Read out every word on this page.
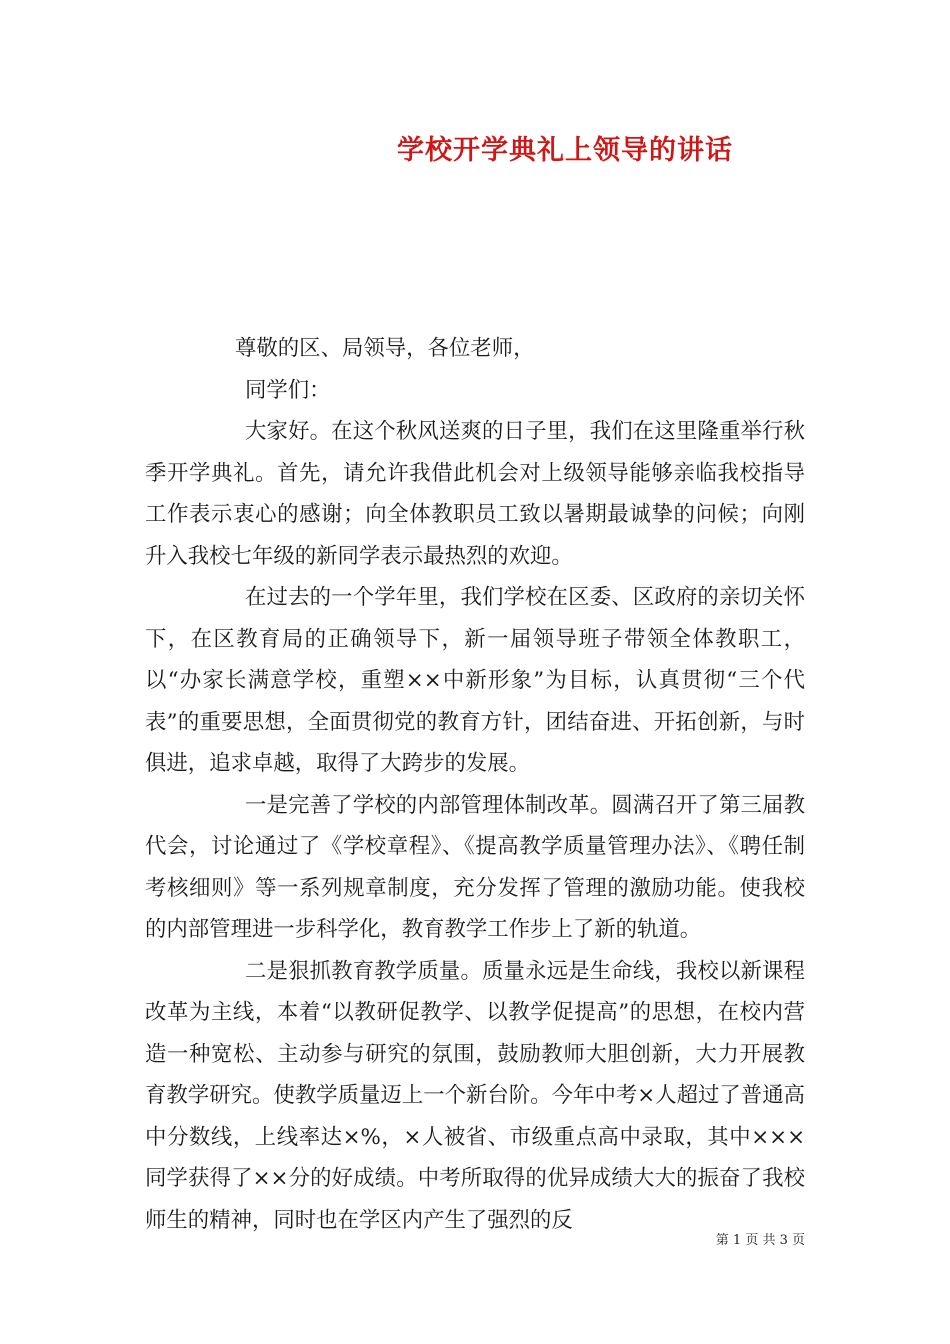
学校开学典礼上领导的讲话

尊敬的区、局领导，各位老师，

同学们：

大家好。在这个秋风送爽的日子里，我们在这里隆重举行秋季开学典礼。首先，请允许我借此机会对上级领导能够亲临我校指导工作表示衷心的感谢；向全体教职员工致以暑期最诚挚的问候；向刚升入我校七年级的新同学表示最热烈的欢迎。

在过去的一个学年里，我们学校在区委、区政府的亲切关怀下，在区教育局的正确领导下，新一届领导班子带领全体教职工，以“办家长满意学校，重塑××中新形象”为目标，认真贯彻“三个代表”的重要思想，全面贯彻党的教育方针，团结奋进、开拓创新，与时俱进，追求卓越，取得了大跨步的发展。

一是完善了学校的内部管理体制改革。圆满召开了第三届教代会，讨论通过了《学校章程》、《提高教学质量管理办法》、《聘任制考核细则》等一系列规章制度，充分发挥了管理的激励功能。使我校的内部管理进一步科学化，教育教学工作步上了新的轨道。

二是狠抓教育教学质量。质量永远是生命线，我校以新课程改革为主线，本着“以教研促教学、以教学促提高”的思想，在校内营造一种宽松、主动参与研究的氛围，鼓励教师大胆创新，大力开展教育教学研究。使教学质量迈上一个新台阶。今年中考×人超过了普通高中分数线，上线率达×%，×人被省、市级重点高中录取，其中×××同学获得了××分的好成绩。中考所取得的优异成绩大大的振奋了我校师生的精神，同时也在学区内产生了强烈的反

第 1 页 共 3 页
